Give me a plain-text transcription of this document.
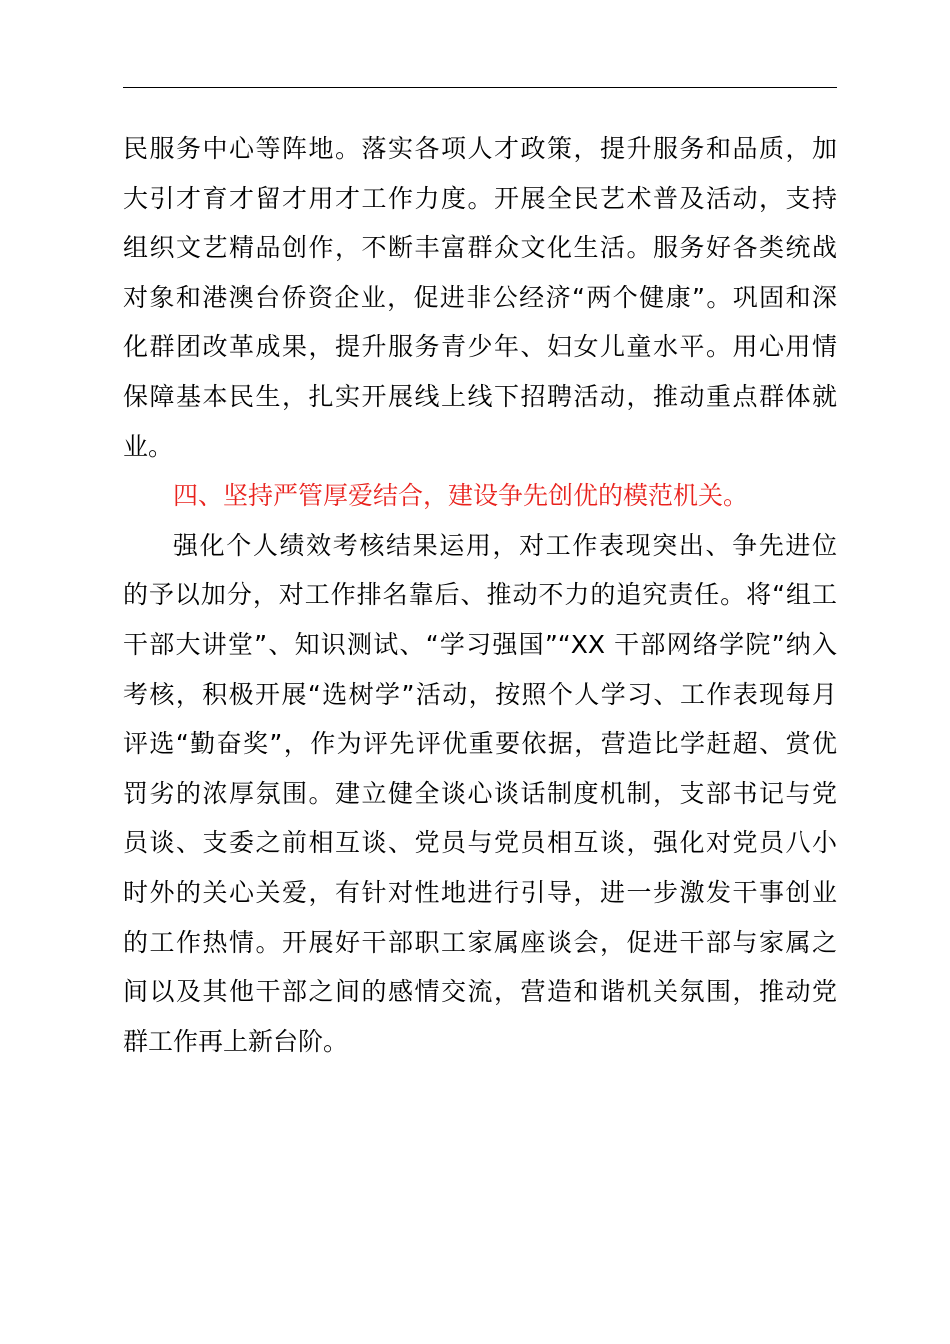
民服务中心等阵地。落实各项人才政策，提升服务和品质，加
大引才育才留才用才工作力度。开展全民艺术普及活动，支持
组织文艺精品创作，不断丰富群众文化生活。服务好各类统战
对象和港澳台侨资企业，促进非公经济“两个健康”。巩固和深
化群团改革成果，提升服务青少年、妇女儿童水平。用心用情
保障基本民生，扎实开展线上线下招聘活动，推动重点群体就
业。
四、坚持严管厚爱结合，建设争先创优的模范机关。
强化个人绩效考核结果运用，对工作表现突出、争先进位
的予以加分，对工作排名靠后、推动不力的追究责任。将“组工
干部大讲堂”、知识测试、“学习强国”“XX 干部网络学院”纳入
考核，积极开展“选树学”活动，按照个人学习、工作表现每月
评选“勤奋奖”，作为评先评优重要依据，营造比学赶超、赏优
罚劣的浓厚氛围。建立健全谈心谈话制度机制，支部书记与党
员谈、支委之前相互谈、党员与党员相互谈，强化对党员八小
时外的关心关爱，有针对性地进行引导，进一步激发干事创业
的工作热情。开展好干部职工家属座谈会，促进干部与家属之
间以及其他干部之间的感情交流，营造和谐机关氛围，推动党
群工作再上新台阶。
